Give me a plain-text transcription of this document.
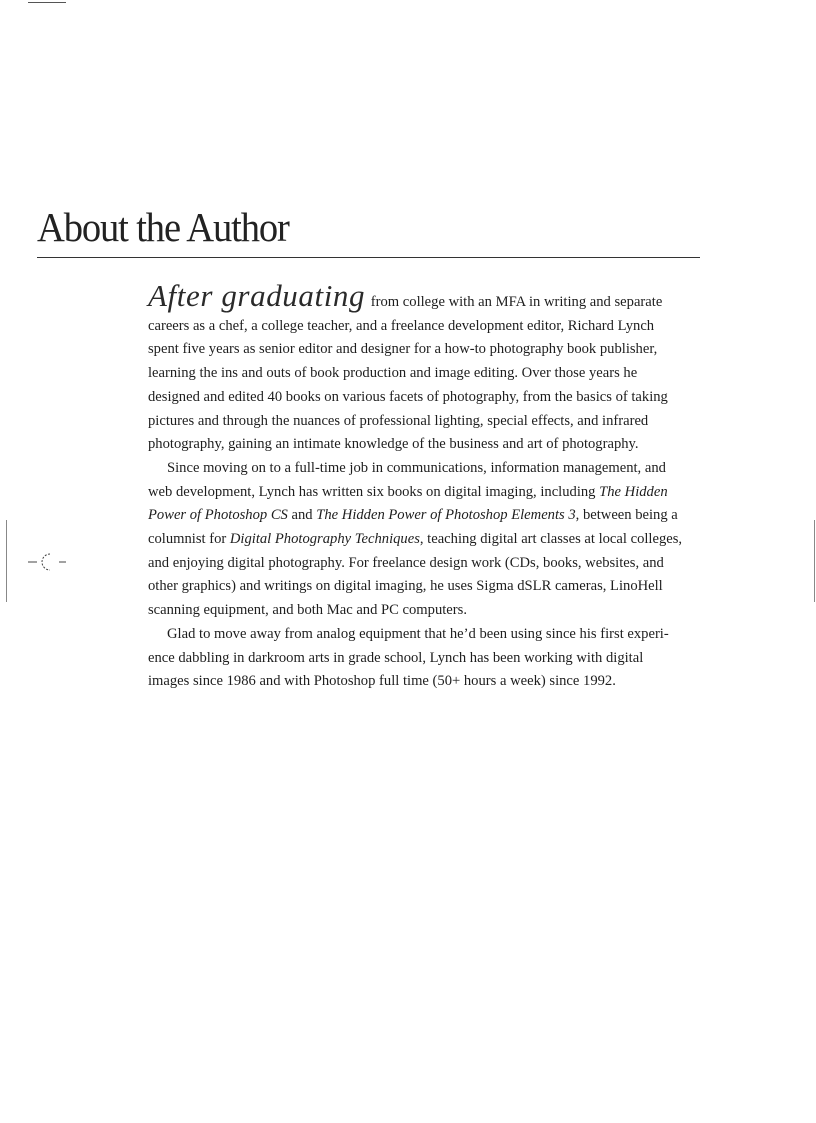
About the Author

After graduating from college with an MFA in writing and separate
careers as a chef, a college teacher, and a freelance development editor, Richard Lynch
spent five years as senior editor and designer for a how-to photography book publisher,
learning the ins and outs of book production and image editing. Over those years he
designed and edited 40 books on various facets of photography, from the basics of taking
pictures and through the nuances of professional lighting, special effects, and infrared
photography, gaining an intimate knowledge of the business and art of photography.

Since moving on to a full-time job in communications, information management, and
web development, Lynch has written six books on digital imaging, including The Hidden
Power of Photoshop CS and The Hidden Power of Photoshop Elements 3, between being a
columnist for Digital Photography Techniques, teaching digital art classes at local colleges,
and enjoying digital photography. For freelance design work (CDs, books, websites, and
other graphics) and writings on digital imaging, he uses Sigma dSLR cameras, LinoHell
scanning equipment, and both Mac and PC computers.

Glad to move away from analog equipment that he’d been using since his first experi-
ence dabbling in darkroom arts in grade school, Lynch has been working with digital
images since 1986 and with Photoshop full time (50+ hours a week) since 1992.
